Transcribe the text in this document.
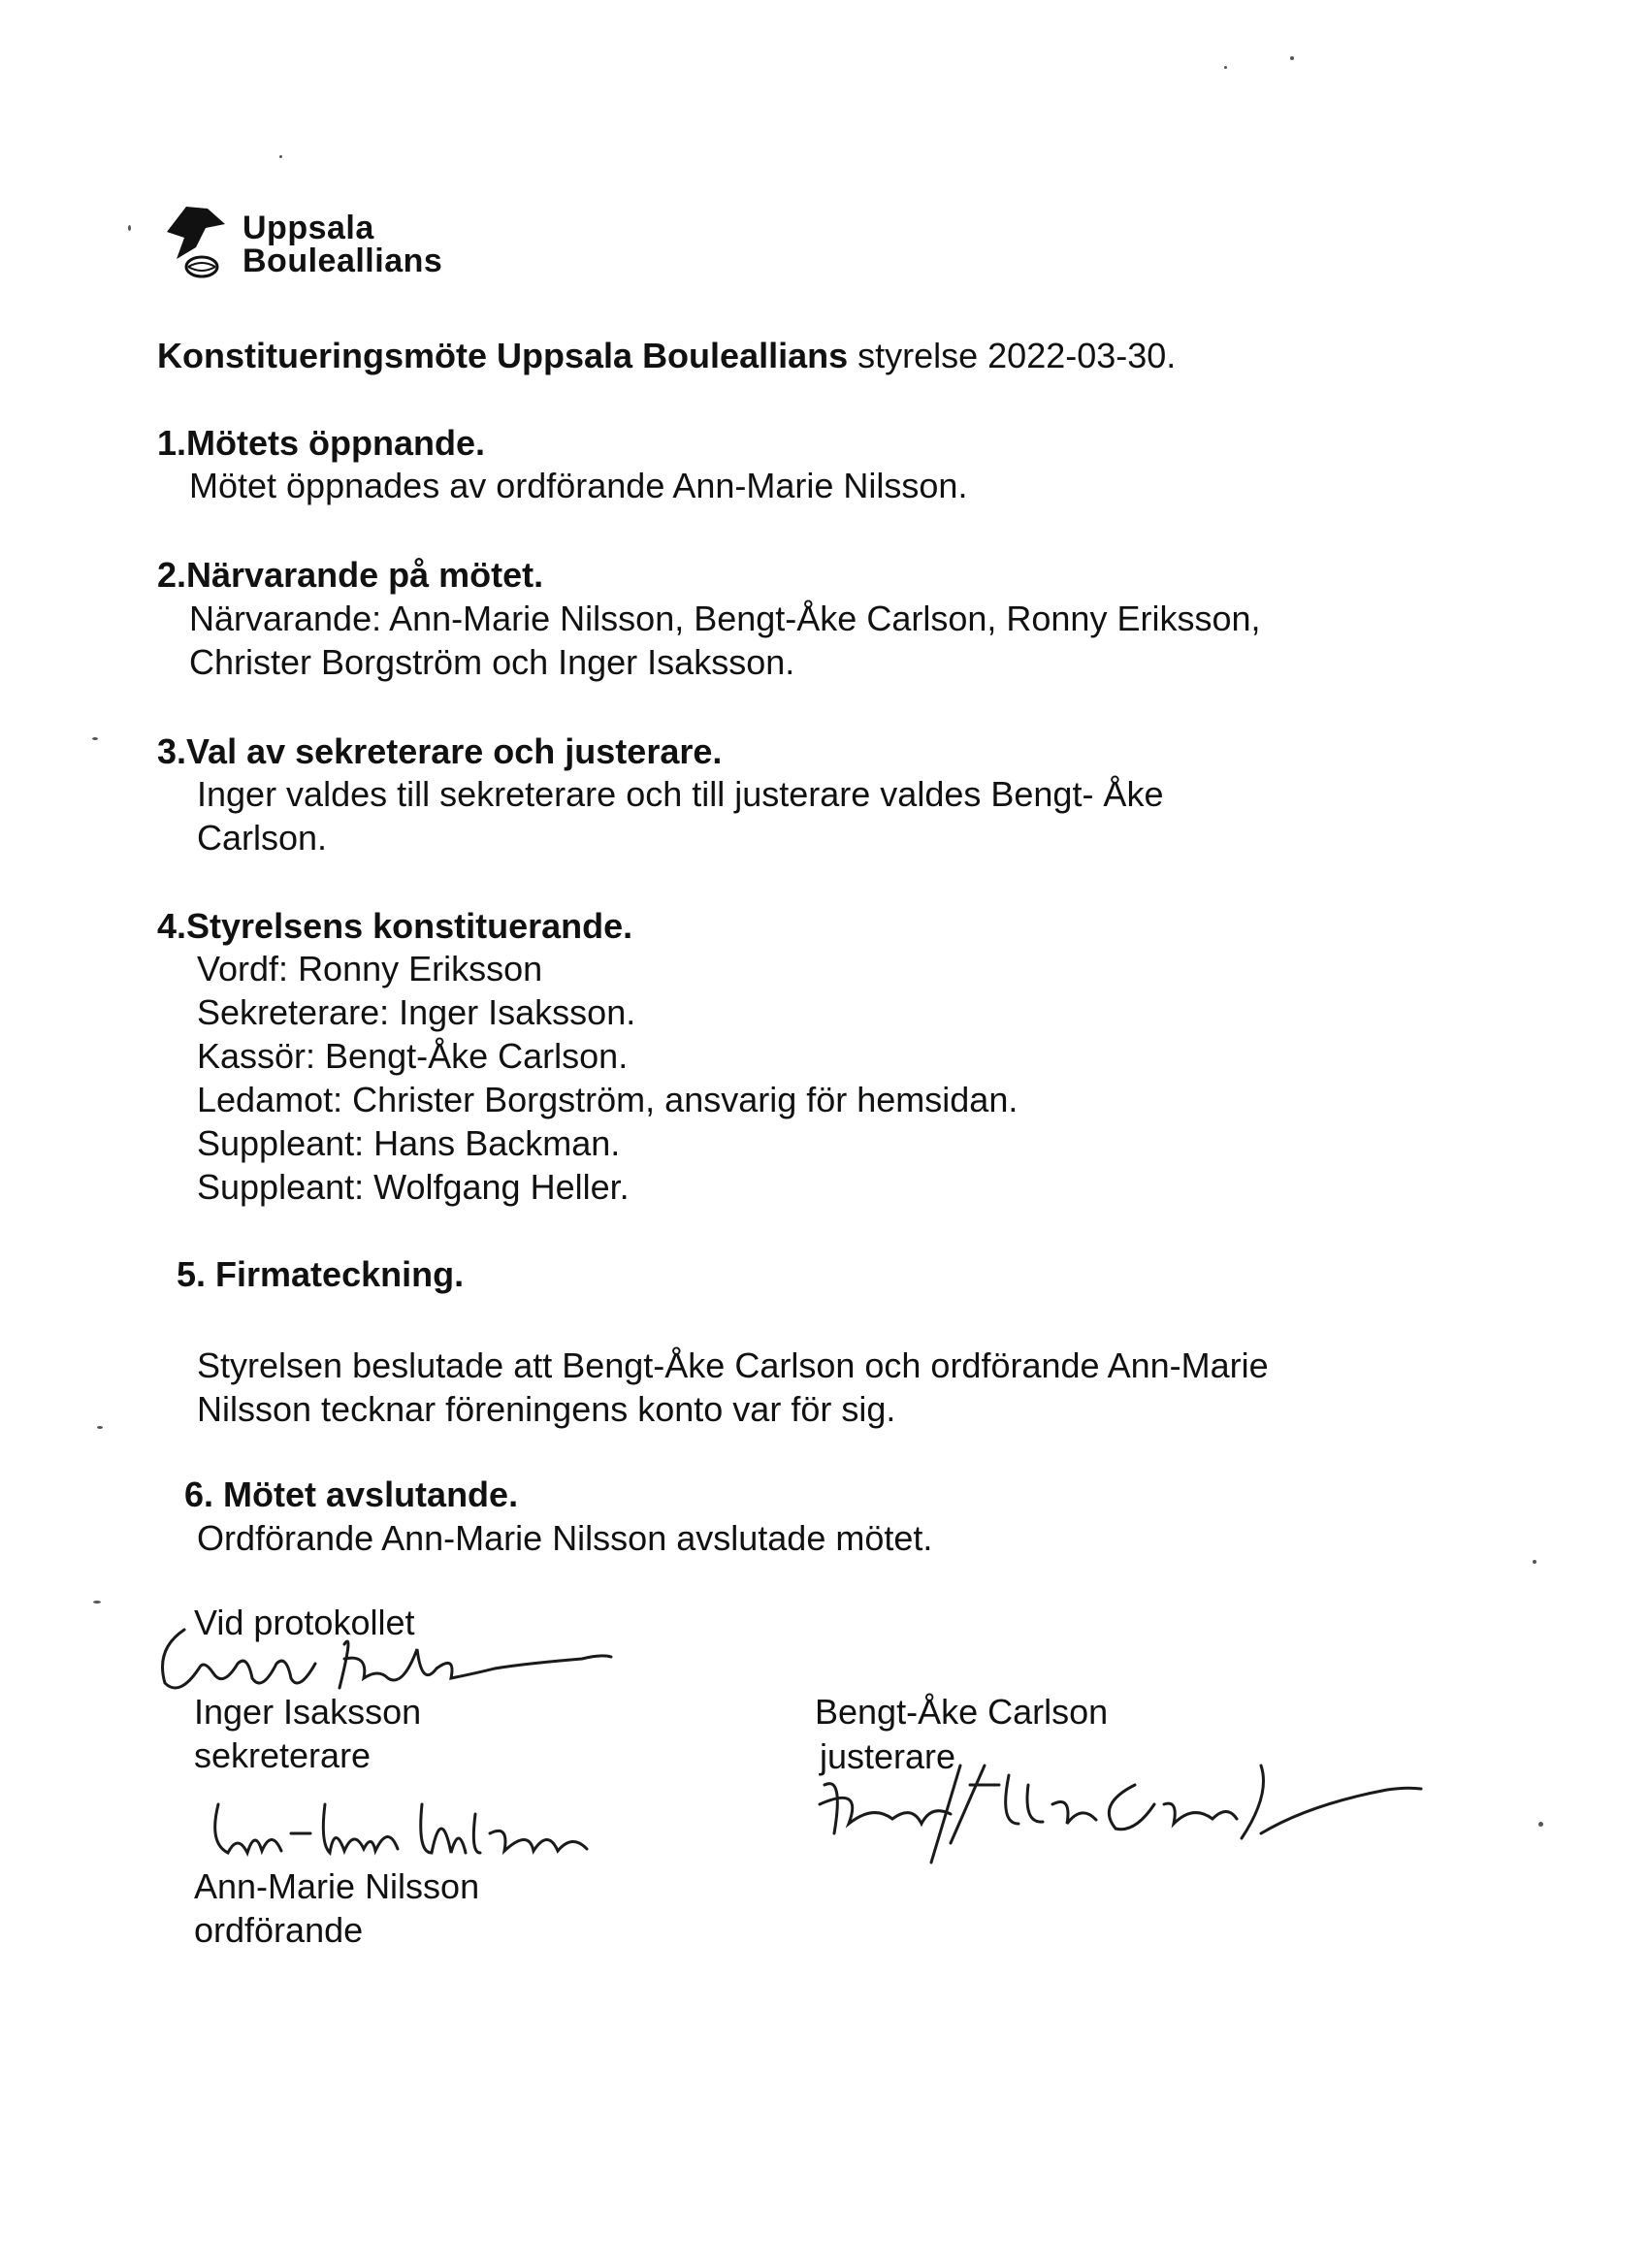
Uppsala
Bouleallians
Konstitueringsmöte Uppsala Bouleallians styrelse 2022-03-30.
1.Mötets öppnande.
Mötet öppnades av ordförande Ann-Marie Nilsson.
2.Närvarande på mötet.
Närvarande: Ann-Marie Nilsson, Bengt-Åke Carlson, Ronny Eriksson,
Christer Borgström och Inger Isaksson.
3.Val av sekreterare och justerare.
Inger valdes till sekreterare och till justerare valdes Bengt- Åke
Carlson.
4.Styrelsens konstituerande.
Vordf: Ronny Eriksson
Sekreterare: Inger Isaksson.
Kassör: Bengt-Åke Carlson.
Ledamot: Christer Borgström, ansvarig för hemsidan.
Suppleant: Hans Backman.
Suppleant: Wolfgang Heller.
5. Firmateckning.
Styrelsen beslutade att Bengt-Åke Carlson och ordförande Ann-Marie
Nilsson tecknar föreningens konto var för sig.
6. Mötet avslutande.
Ordförande Ann-Marie Nilsson avslutade mötet.
Vid protokollet
Inger Isaksson
sekreterare
Bengt-Åke Carlson
justerare
Ann-Marie Nilsson
ordförande
